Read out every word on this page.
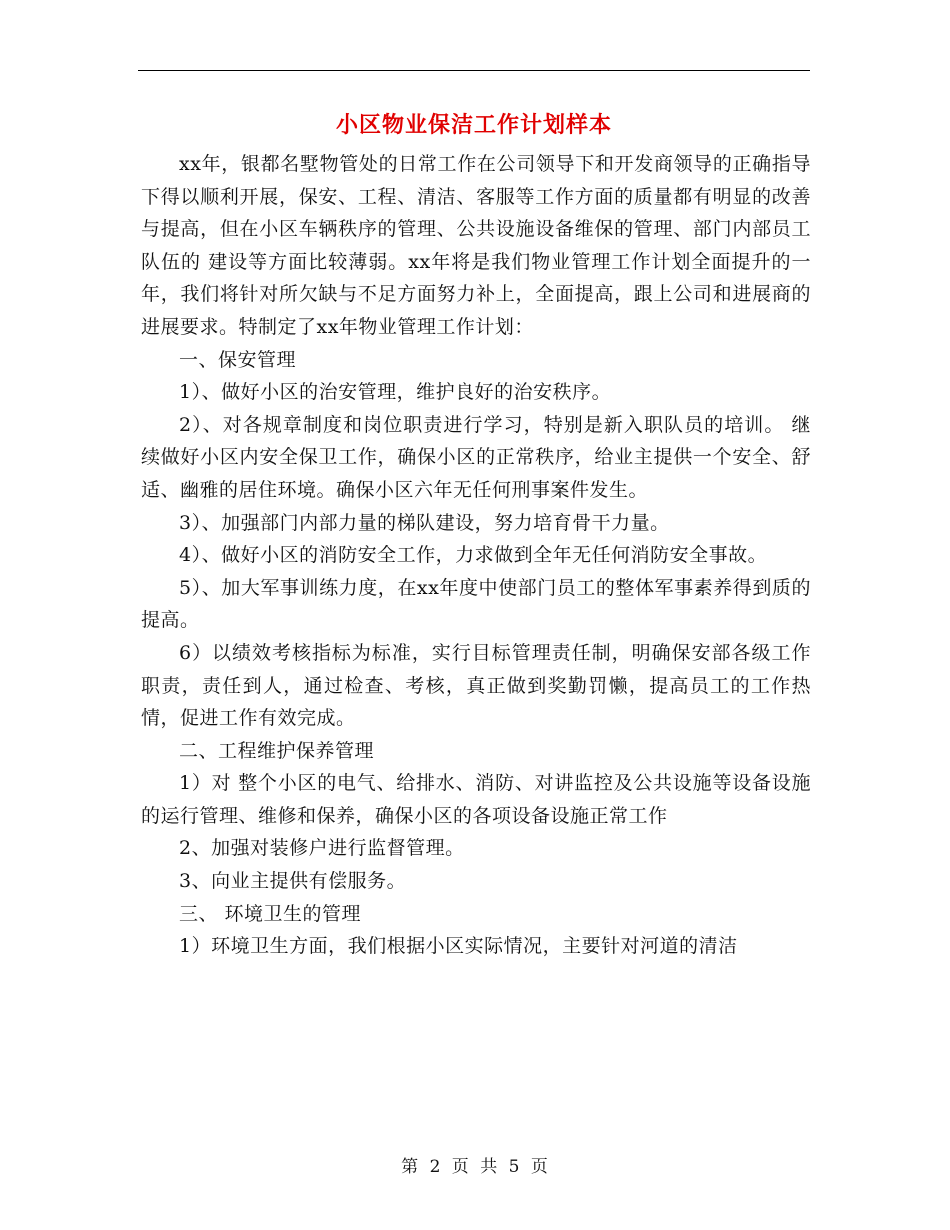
小区物业保洁工作计划样本

xx年，银都名墅物管处的日常工作在公司领导下和开发商领导的正确指导下得以顺利开展，保安、工程、清洁、客服等工作方面的质量都有明显的改善与提高，但在小区车辆秩序的管理、公共设施设备维保的管理、部门内部员工队伍的 建设等方面比较薄弱。xx年将是我们物业管理工作计划全面提升的一年，我们将针对所欠缺与不足方面努力补上，全面提高，跟上公司和进展商的进展要求。特制定了xx年物业管理工作计划：

一、保安管理

1）、做好小区的治安管理，维护良好的治安秩序。

2）、对各规章制度和岗位职责进行学习，特别是新入职队员的培训。 继续做好小区内安全保卫工作，确保小区的正常秩序，给业主提供一个安全、舒适、幽雅的居住环境。确保小区六年无任何刑事案件发生。

3）、加强部门内部力量的梯队建设，努力培育骨干力量。

4）、做好小区的消防安全工作，力求做到全年无任何消防安全事故。

5）、加大军事训练力度，在xx年度中使部门员工的整体军事素养得到质的提高。

6）以绩效考核指标为标准，实行目标管理责任制，明确保安部各级工作职责，责任到人，通过检查、考核，真正做到奖勤罚懒，提高员工的工作热情，促进工作有效完成。

二、工程维护保养管理

1）对 整个小区的电气、给排水、消防、对讲监控及公共设施等设备设施的运行管理、维修和保养，确保小区的各项设备设施正常工作

2、加强对装修户进行监督管理。

3、向业主提供有偿服务。

三、 环境卫生的管理

1）环境卫生方面，我们根据小区实际情况，主要针对河道的清洁

第 2 页 共 5 页
